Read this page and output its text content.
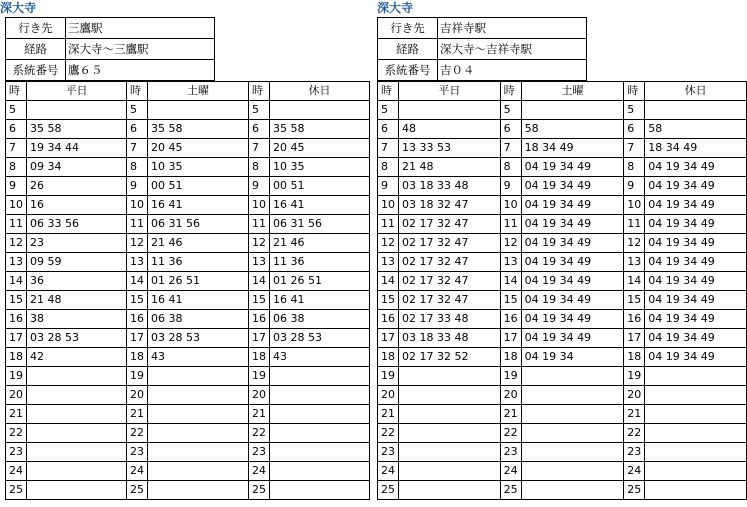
深大寺
行き先	三鷹駅
経路	深大寺～三鷹駅
系統番号	鷹６５
時	平日	時	土曜	時	休日
5		5		5	
6	35 58	6	35 58	6	35 58
7	19 34 44	7	20 45	7	20 45
8	09 34	8	10 35	8	10 35
9	26	9	00 51	9	00 51
10	16	10	16 41	10	16 41
11	06 33 56	11	06 31 56	11	06 31 56
12	23	12	21 46	12	21 46
13	09 59	13	11 36	13	11 36
14	36	14	01 26 51	14	01 26 51
15	21 48	15	16 41	15	16 41
16	38	16	06 38	16	06 38
17	03 28 53	17	03 28 53	17	03 28 53
18	42	18	43	18	43
19		19		19	
20		20		20	
21		21		21	
22		22		22	
23		23		23	
24		24		24	
25		25		25	
深大寺
行き先	吉祥寺駅
経路	深大寺～吉祥寺駅
系統番号	吉０４
時	平日	時	土曜	時	休日
5		5		5	
6	48	6	58	6	58
7	13 33 53	7	18 34 49	7	18 34 49
8	21 48	8	04 19 34 49	8	04 19 34 49
9	03 18 33 48	9	04 19 34 49	9	04 19 34 49
10	03 18 32 47	10	04 19 34 49	10	04 19 34 49
11	02 17 32 47	11	04 19 34 49	11	04 19 34 49
12	02 17 32 47	12	04 19 34 49	12	04 19 34 49
13	02 17 32 47	13	04 19 34 49	13	04 19 34 49
14	02 17 32 47	14	04 19 34 49	14	04 19 34 49
15	02 17 32 47	15	04 19 34 49	15	04 19 34 49
16	02 17 33 48	16	04 19 34 49	16	04 19 34 49
17	03 18 33 48	17	04 19 34 49	17	04 19 34 49
18	02 17 32 52	18	04 19 34	18	04 19 34 49
19		19		19	
20		20		20	
21		21		21	
22		22		22	
23		23		23	
24		24		24	
25		25		25	
